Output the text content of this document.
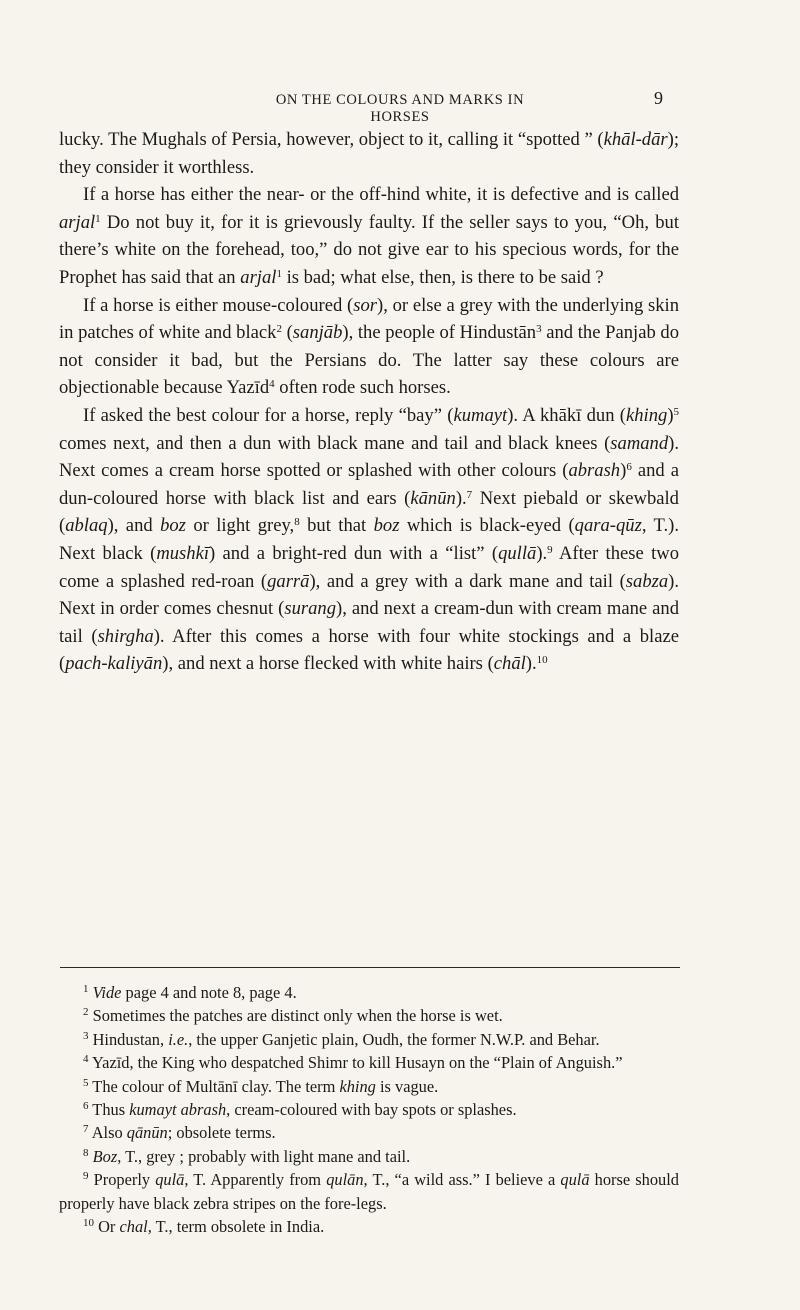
ON THE COLOURS AND MARKS IN HORSES
9

lucky. The Mughals of Persia, however, object to it, calling it “spotted ” (khāl-dār); they consider it worthless.

If a horse has either the near- or the off-hind white, it is defective and is called arjal$^1$ Do not buy it, for it is grievously faulty. If the seller says to you, “Oh, but there’s white on the forehead, too,” do not give ear to his specious words, for the Prophet has said that an arjal$^1$ is bad; what else, then, is there to be said ?

If a horse is either mouse-coloured (sor), or else a grey with the underlying skin in patches of white and black$^2$ (sanjāb), the people of Hindustān$^3$ and the Panjab do not consider it bad, but the Persians do. The latter say these colours are objectionable because Yazīd$^4$ often rode such horses.

If asked the best colour for a horse, reply “bay” (kumayt). A khākī dun (khing)$^5$ comes next, and then a dun with black mane and tail and black knees (samand). Next comes a cream horse spotted or splashed with other colours (abrash)$^6$ and a dun-coloured horse with black list and ears (kānūn).$^7$ Next piebald or skewbald (ablaq), and boz or light grey,$^8$ but that boz which is black-eyed (qara-qūz, T.). Next black (mushkī) and a bright-red dun with a “list” (qullā).$^9$ After these two come a splashed red-roan (garrā), and a grey with a dark mane and tail (sabza). Next in order comes chesnut (surang), and next a cream-dun with cream mane and tail (shirgha). After this comes a horse with four white stockings and a blaze (pach-kaliyān), and next a horse flecked with white hairs (chāl).$^{10}$

$^1$ Vide page 4 and note 8, page 4.

$^2$ Sometimes the patches are distinct only when the horse is wet.

$^3$ Hindustan, i.e., the upper Ganjetic plain, Oudh, the former N.W.P. and Behar.

$^4$ Yazīd, the King who despatched Shimr to kill Husayn on the “Plain of Anguish.”

$^5$ The colour of Multānī clay. The term khing is vague.

$^6$ Thus kumayt abrash, cream-coloured with bay spots or splashes.

$^7$ Also qānūn; obsolete terms.

$^8$ Boz, T., grey ; probably with light mane and tail.

$^9$ Properly qulā, T. Apparently from qulān, T., “a wild ass.” I believe a qulā horse should properly have black zebra stripes on the fore-legs.

$^{10}$ Or chal, T., term obsolete in India.
